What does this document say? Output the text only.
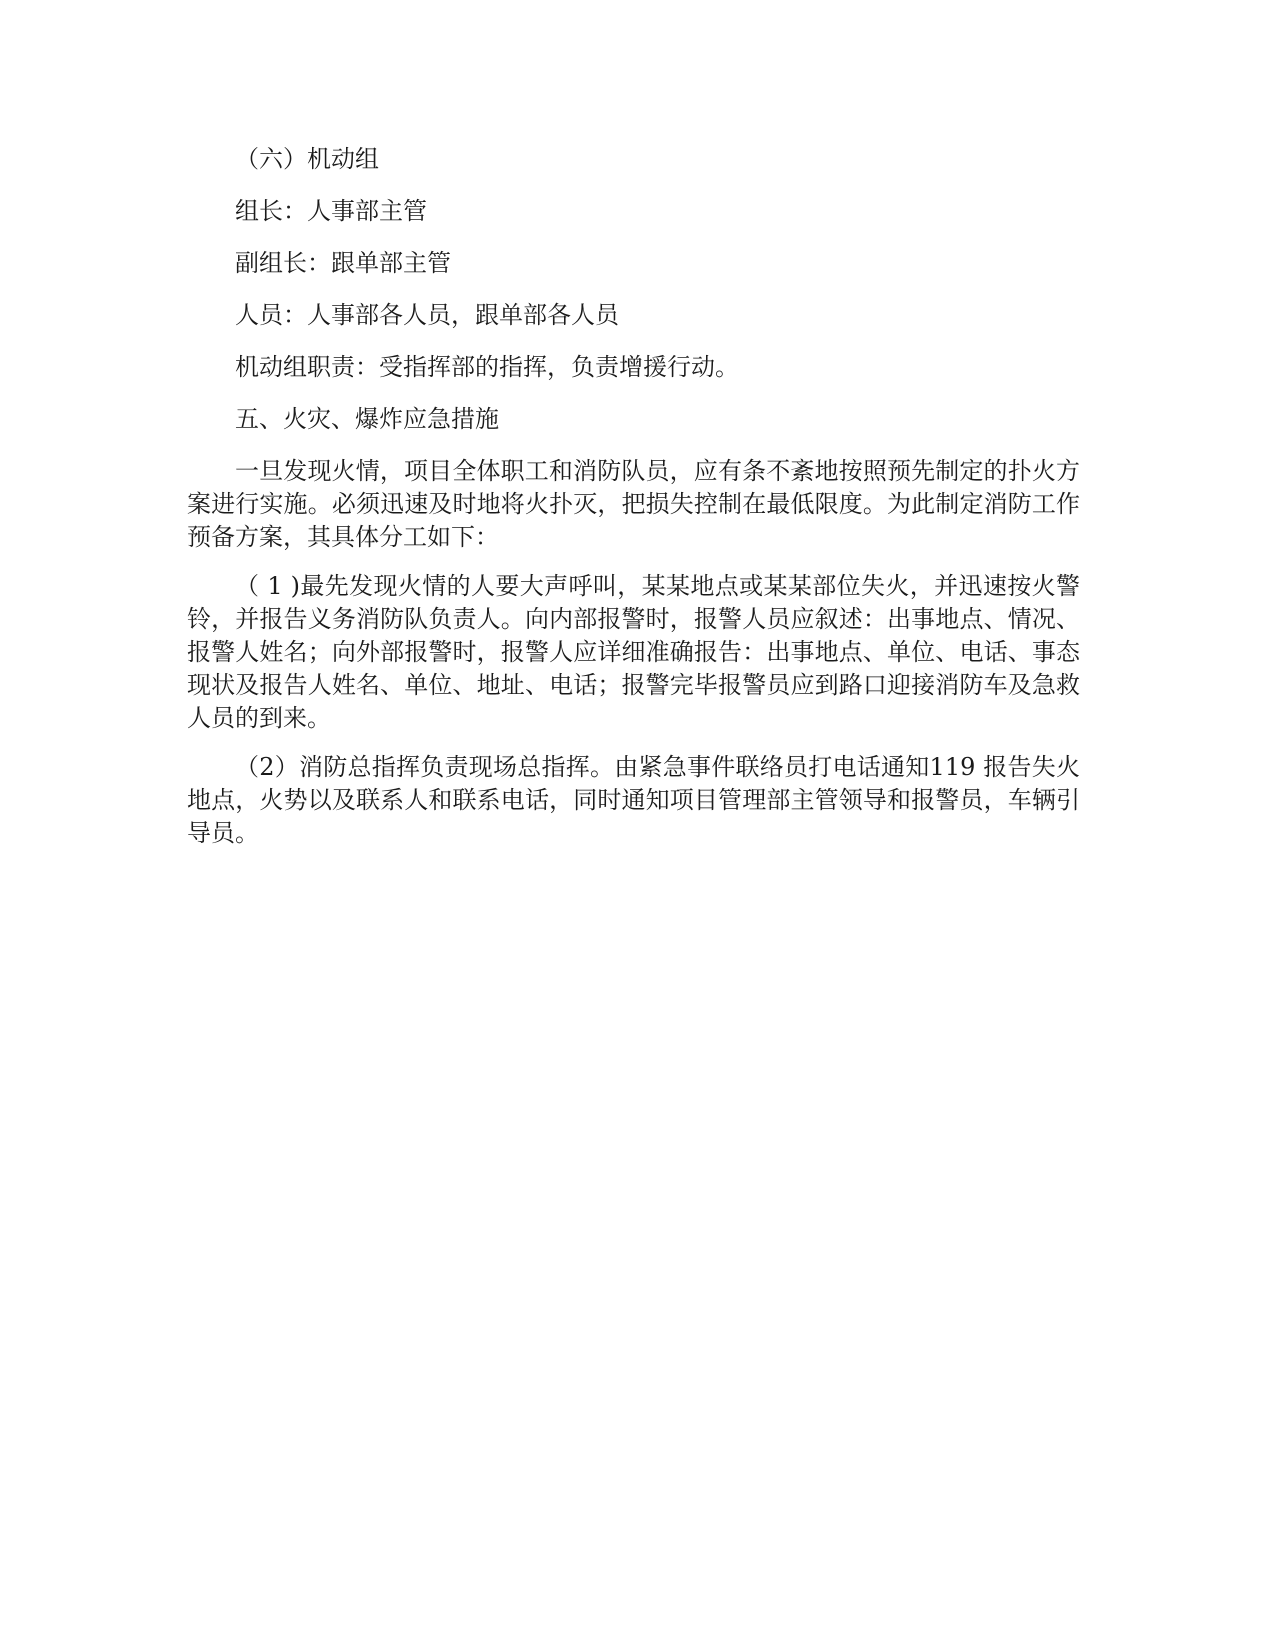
（六）机动组

组长：人事部主管

副组长：跟单部主管

人员：人事部各人员，跟单部各人员

机动组职责：受指挥部的指挥，负责增援行动。

五、火灾、爆炸应急措施

一旦发现火情，项目全体职工和消防队员，应有条不紊地按照预先制定的扑火方案进行实施。必须迅速及时地将火扑灭，把损失控制在最低限度。为此制定消防工作预备方案，其具体分工如下：

（ 1 )最先发现火情的人要大声呼叫，某某地点或某某部位失火，并迅速按火警铃，并报告义务消防队负责人。向内部报警时，报警人员应叙述：出事地点、情况、报警人姓名；向外部报警时，报警人应详细准确报告：出事地点、单位、电话、事态现状及报告人姓名、单位、地址、电话；报警完毕报警员应到路口迎接消防车及急救人员的到来。

（2）消防总指挥负责现场总指挥。由紧急事件联络员打电话通知119 报告失火地点，火势以及联系人和联系电话，同时通知项目管理部主管领导和报警员，车辆引导员。
